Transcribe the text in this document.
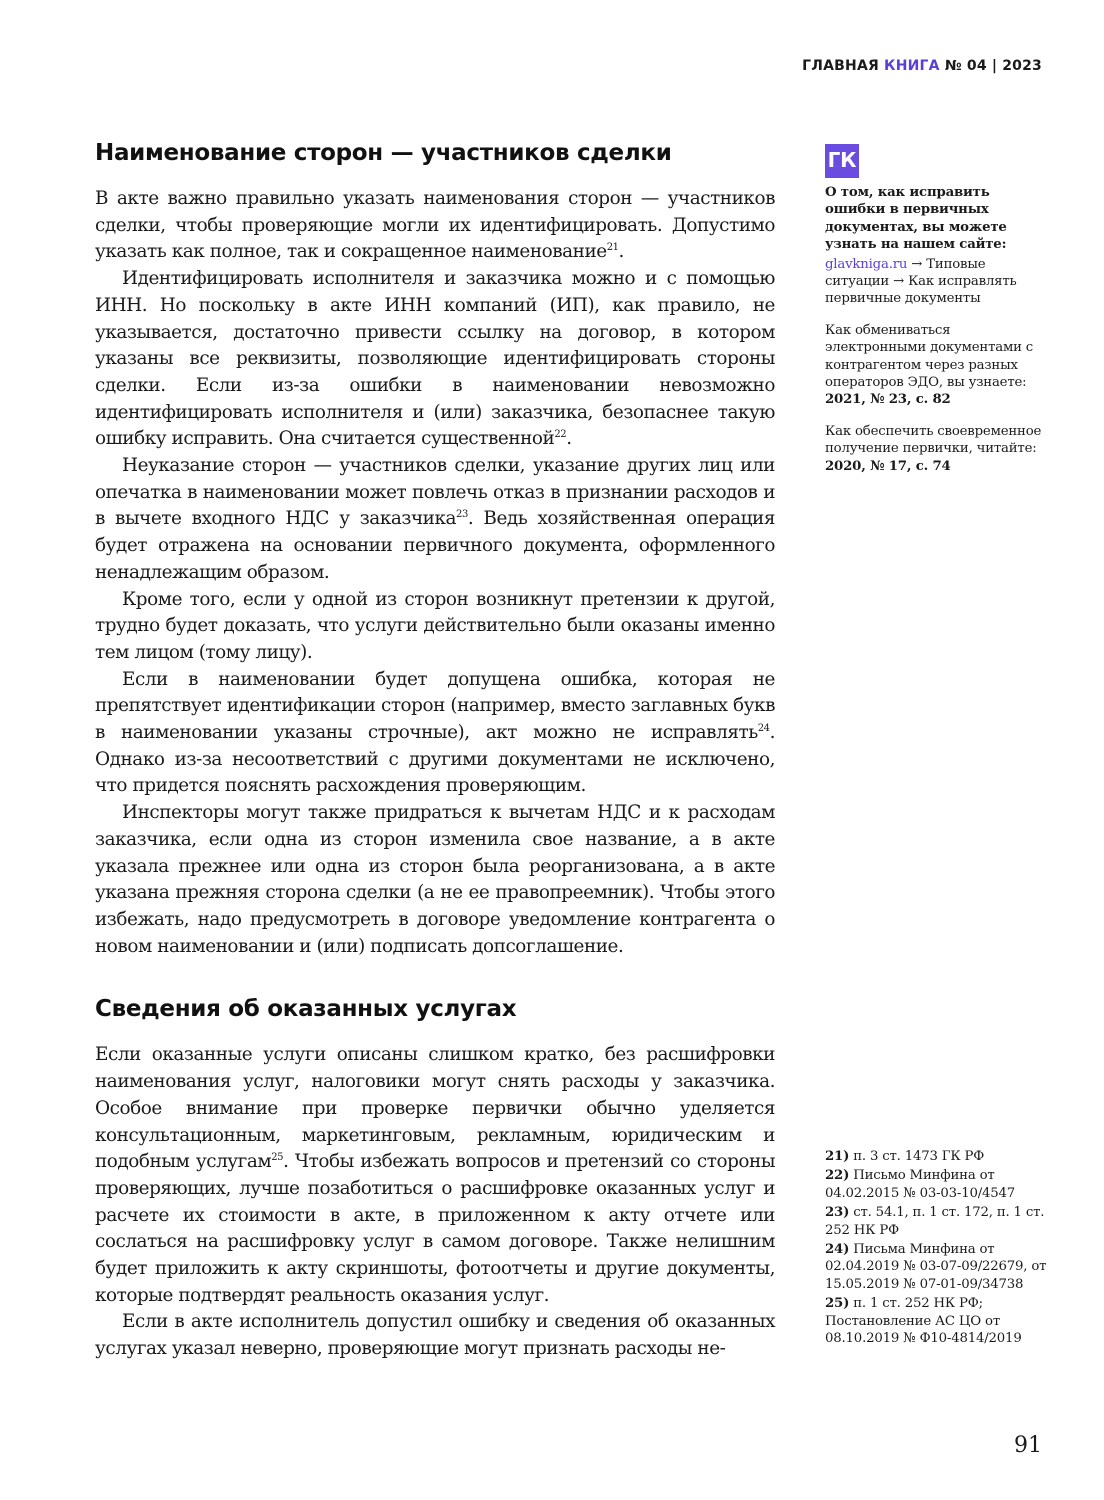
ГЛАВНАЯ КНИГА № 04 | 2023
Наименование сторон — участников сделки

В акте важно правильно указать наименования сторон — участников сделки, чтобы проверяющие могли их идентифицировать. Допустимо указать как полное, так и сокращенное наименование$^{21}$.

Идентифицировать исполнителя и заказчика можно и с помощью ИНН. Но поскольку в акте ИНН компаний (ИП), как правило, не указывается, достаточно привести ссылку на договор, в котором указаны все реквизиты, позволяющие идентифицировать стороны сделки. Если из-за ошибки в наименовании невозможно идентифицировать исполнителя и (или) заказчика, безопаснее такую ошибку исправить. Она считается существенной$^{22}$.

Неуказание сторон — участников сделки, указание других лиц или опечатка в наименовании может повлечь отказ в признании расходов и в вычете входного НДС у заказчика$^{23}$. Ведь хозяйственная операция будет отражена на основании первичного документа, оформленного ненадлежащим образом.

Кроме того, если у одной из сторон возникнут претензии к другой, трудно будет доказать, что услуги действительно были оказаны именно тем лицом (тому лицу).

Если в наименовании будет допущена ошибка, которая не препятствует идентификации сторон (например, вместо заглавных букв в наименовании указаны строчные), акт можно не исправлять$^{24}$. Однако из-за несоответствий с другими документами не исключено, что придется пояснять расхождения проверяющим.

Инспекторы могут также придраться к вычетам НДС и к расходам заказчика, если одна из сторон изменила свое название, а в акте указала прежнее или одна из сторон была реорганизована, а в акте указана прежняя сторона сделки (а не ее правопреемник). Чтобы этого избежать, надо предусмотреть в договоре уведомление контрагента о новом наименовании и (или) подписать допсоглашение.

Сведения об оказанных услугах

Если оказанные услуги описаны слишком кратко, без расшифровки наименования услуг, налоговики могут снять расходы у заказчика. Особое внимание при проверке первички обычно уделяется консультационным, маркетинговым, рекламным, юридическим и подобным услугам$^{25}$. Чтобы избежать вопросов и претензий со стороны проверяющих, лучше позаботиться о расшифровке оказанных услуг и расчете их стоимости в акте, в приложенном к акту отчете или сослаться на расшифровку услуг в самом договоре. Также нелишним будет приложить к акту скриншоты, фотоотчеты и другие документы, которые подтвердят реальность оказания услуг.

Если в акте исполнитель допустил ошибку и сведения об оказанных услугах указал неверно, проверяющие могут признать расходы не-

ГК
О том, как исправить ошибки в первичных документах, вы можете узнать на нашем сайте:
glavkniga.ru → Типовые ситуации → Как исправлять первичные документы
Как обмениваться электронными документами с контрагентом через разных операторов ЭДО, вы узнаете:
2021, № 23, с. 82
Как обеспечить своевременное получение первички, читайте:
2020, № 17, с. 74
21) п. 3 ст. 1473 ГК РФ
22) Письмо Минфина от 04.02.2015 № 03-03-10/4547
23) ст. 54.1, п. 1 ст. 172, п. 1 ст. 252 НК РФ
24) Письма Минфина от 02.04.2019 № 03-07-09/22679, от 15.05.2019 № 07-01-09/34738
25) п. 1 ст. 252 НК РФ; Постановление АС ЦО от 08.10.2019 № Ф10-4814/2019
91
